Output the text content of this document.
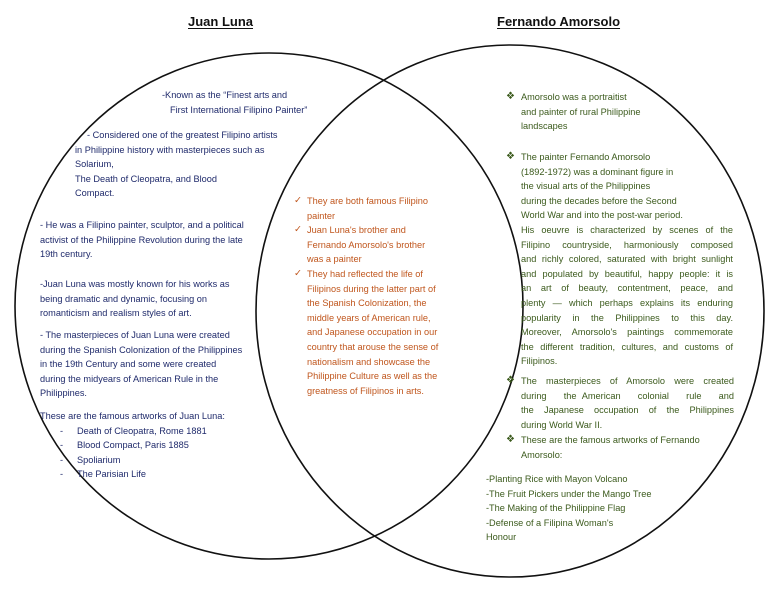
Juan Luna	Fernando Amorsolo
-Known as the “Finest arts and
First International Filipino Painter”
- Considered one of the greatest Filipino artists
in Philippine history with masterpieces such as
Solarium,
The Death of Cleopatra, and Blood
Compact.
- He was a Filipino painter, sculptor, and a political
activist of the Philippine Revolution during the late
19th century.
-Juan Luna was mostly known for his works as
being dramatic and dynamic, focusing on
romanticism and realism styles of art.
- The masterpieces of Juan Luna were created
during the Spanish Colonization of the Philippines
in the 19th Century and some were created
during the midyears of American Rule in the
Philippines.
These are the famous artworks of Juan Luna:
- Death of Cleopatra, Rome 1881
- Blood Compact, Paris 1885
- Spoliarium
- The Parisian Life
✓ They are both famous Filipino
painter
✓ Juan Luna's brother and
Fernando Amorsolo's brother
was a painter
✓ They had reflected the life of
Filipinos during the latter part of
the Spanish Colonization, the
middle years of American rule,
and Japanese occupation in our
country that arouse the sense of
nationalism and showcase the
Philippine Culture as well as the
greatness of Filipinos in arts.
❖ Amorsolo was a portraitist
and painter of rural Philippine
landscapes
❖ The painter Fernando Amorsolo
(1892-1972) was a dominant figure in
the visual arts of the Philippines
during the decades before the Second
World War and into the post-war period.
His oeuvre is characterized by scenes of the
Filipino countryside, harmoniously composed
and richly colored, saturated with bright sunlight
and populated by beautiful, happy people: it is
an art of beauty, contentment, peace, and
plenty — which perhaps explains its enduring
popularity in the Philippines to this day.
Moreover, Amorsolo's paintings commemorate
the different tradition, cultures, and customs of
Filipinos.
❖ The masterpieces of Amorsolo were created
during   the American   colonial   rule   and
the Japanese occupation of the Philippines
during World War II.
❖ These are the famous artworks of Fernando
Amorsolo:
-Planting Rice with Mayon Volcano
-The Fruit Pickers under the Mango Tree
-The Making of the Philippine Flag
-Defense of a Filipina Woman's
Honour
